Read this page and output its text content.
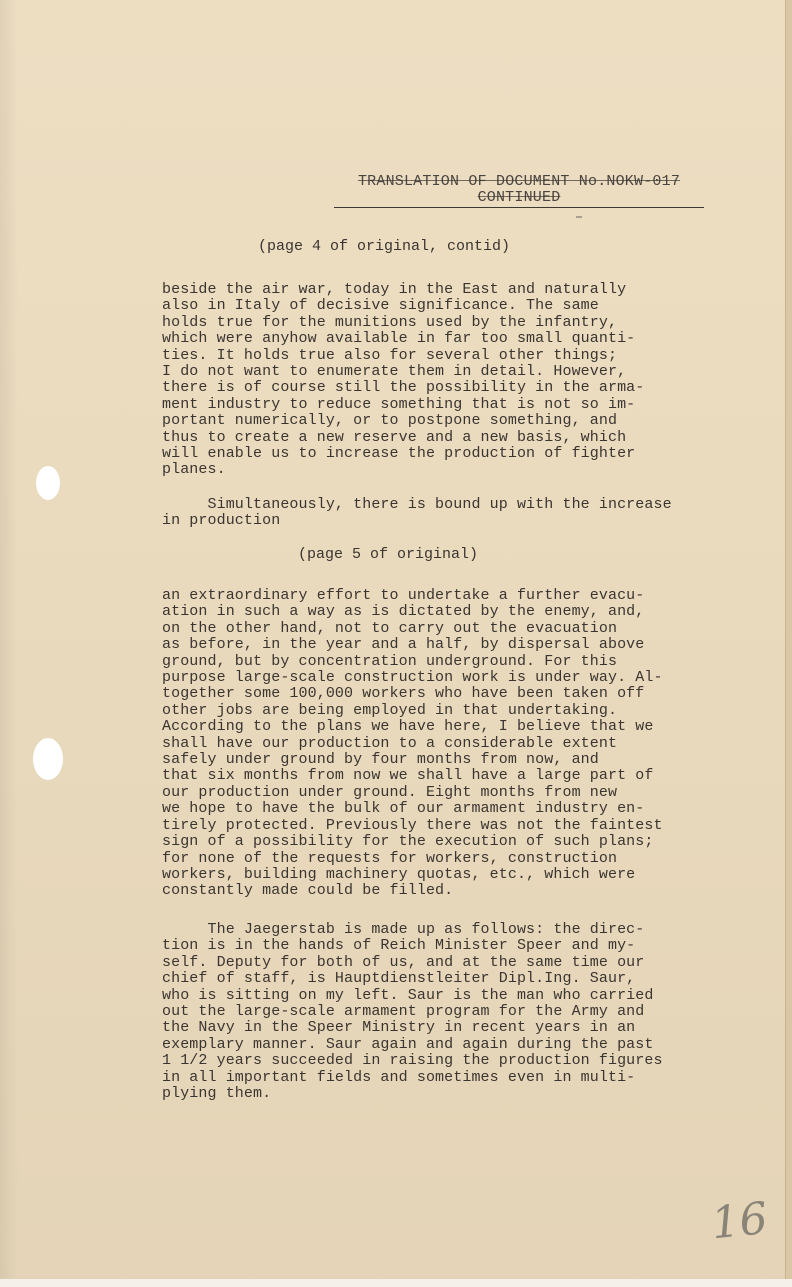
TRANSLATION OF DOCUMENT No.NOKW-017
CONTINUED
(page 4 of original, contid)
beside the air war, today in the East and naturally
also in Italy of decisive significance. The same
holds true for the munitions used by the infantry,
which were anyhow available in far too small quanti-
ties. It holds true also for several other things;
I do not want to enumerate them in detail. However,
there is of course still the possibility in the arma-
ment industry to reduce something that is not so im-
portant numerically, or to postpone something, and
thus to create a new reserve and a new basis, which
will enable us to increase the production of fighter
planes.
Simultaneously, there is bound up with the increase
in production
(page 5 of original)
an extraordinary effort to undertake a further evacu-
ation in such a way as is dictated by the enemy, and,
on the other hand, not to carry out the evacuation
as before, in the year and a half, by dispersal above
ground, but by concentration underground. For this
purpose large-scale construction work is under way. Al-
together some 100,000 workers who have been taken off
other jobs are being employed in that undertaking.
According to the plans we have here, I believe that we
shall have our production to a considerable extent
safely under ground by four months from now, and
that six months from now we shall have a large part of
our production under ground. Eight months from new
we hope to have the bulk of our armament industry en-
tirely protected. Previously there was not the faintest
sign of a possibility for the execution of such plans;
for none of the requests for workers, construction
workers, building machinery quotas, etc., which were
constantly made could be filled.
The Jaegerstab is made up as follows: the direc-
tion is in the hands of Reich Minister Speer and my-
self. Deputy for both of us, and at the same time our
chief of staff, is Hauptdienstleiter Dipl.Ing. Saur,
who is sitting on my left. Saur is the man who carried
out the large-scale armament program for the Army and
the Navy in the Speer Ministry in recent years in an
exemplary manner. Saur again and again during the past
1 1/2 years succeeded in raising the production figures
in all important fields and sometimes even in multi-
plying them.
16
